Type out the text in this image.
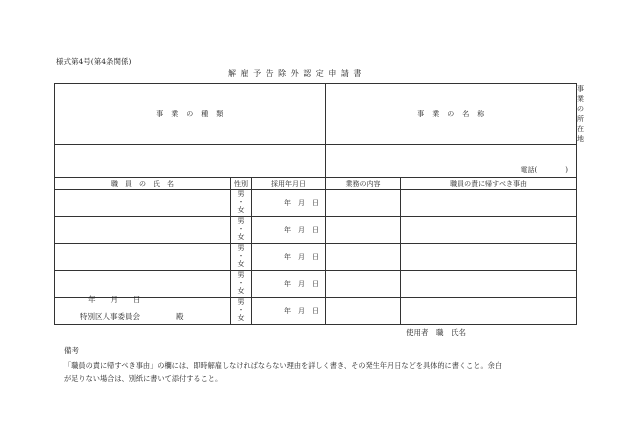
様式第4号(第4条関係)
解 雇 予 告 除 外 認 定 申 請 書
事　業　の　種　類			事　業　の　名　称		事　業　の　所　在　地
			電話(　　　　)		
職　員　の　氏　名	性別	採用年月日	業務の内容	職員の責に帰すべき事由	
	男
・
女	年　月　日			
	男
・
女	年　月　日			
	男
・
女	年　月　日			
	男
・
女	年　月　日			
	男
・
女	年　月　日			
年　　月　　日
特別区人事委員会	殿
使用者　職　氏名
備考
「職員の責に帰すべき事由」の欄には、即時解雇しなければならない理由を詳しく書き、その発生年月日などを具体的に書くこと。余白
が足りない場合は、別紙に書いて添付すること。
